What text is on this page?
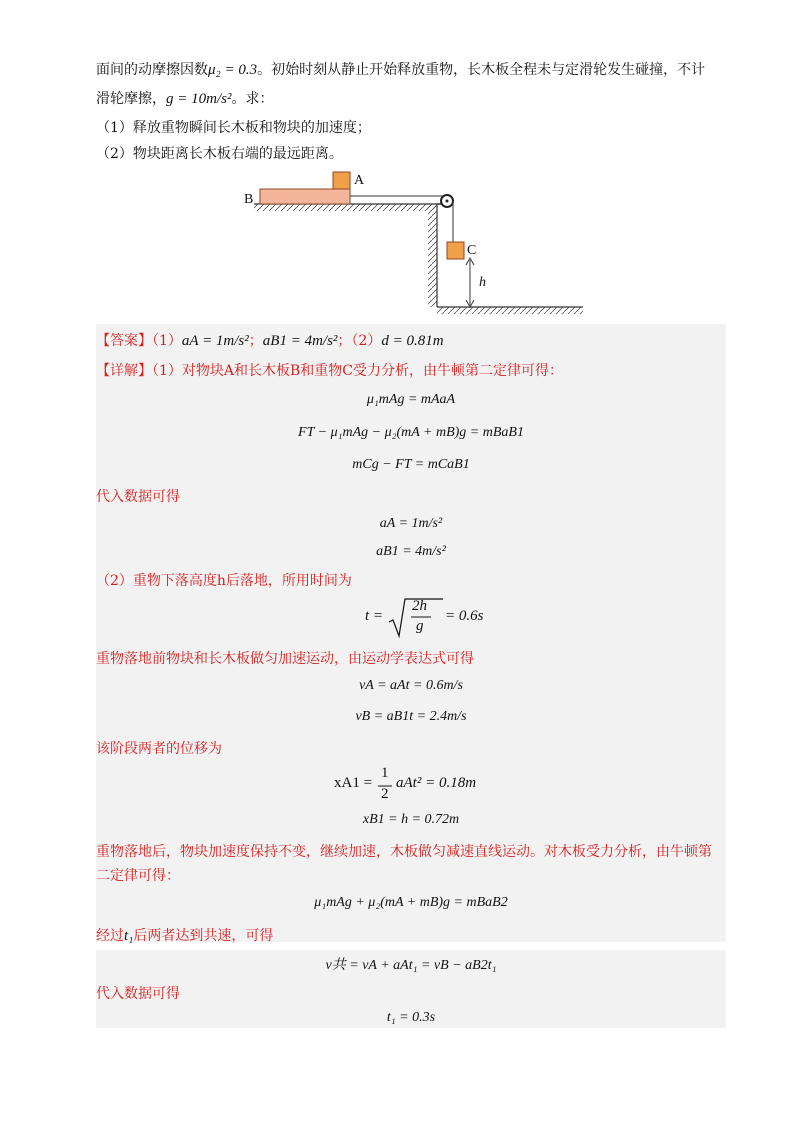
面间的动摩擦因数μ₂ = 0.3。初始时刻从静止开始释放重物，长木板全程未与定滑轮发生碰撞，不计
滑轮摩擦，g = 10m/s²。求：
（1）释放重物瞬间长木板和物块的加速度；
（2）物块距离长木板右端的最远距离。
A
B
C
h
【答案】（1）aA = 1m/s²；aB1 = 4m/s²；（2）d = 0.81m
【详解】（1）对物块A和长木板B和重物C受力分析，由牛顿第二定律可得：
μ₁mAg = mAaA
FT − μ₁mAg − μ₂(mA + mB)g = mBaB1
mCg − FT = mCaB1
代入数据可得
aA = 1m/s²
aB1 = 4m/s²
（2）重物下落高度h后落地，所用时间为
t =
2h
g
= 0.6s
重物落地前物块和长木板做匀加速运动，由运动学表达式可得
vA = aAt = 0.6m/s
vB = aB1t = 2.4m/s
该阶段两者的位移为
xA1 =
1
2
aAt² = 0.18m
xB1 = h = 0.72m
重物落地后，物块加速度保持不变，继续加速，木板做匀减速直线运动。对木板受力分析，由牛顿第
二定律可得：
μ₁mAg + μ₂(mA + mB)g = mBaB2
经过t₁后两者达到共速，可得
v共 = vA + aAt₁ = vB − aB2t₁
代入数据可得
t₁ = 0.3s
